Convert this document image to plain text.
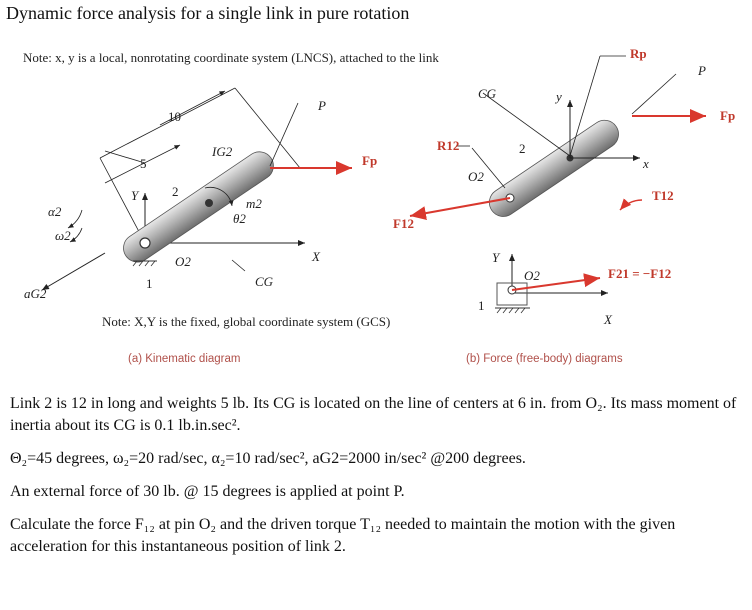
Dynamic force analysis for a single link in pure rotation
Note: x, y is a local, nonrotating coordinate system (LNCS), attached to the link
10
5
2
Y
X
P
Fp
IG2
m2
θ2
O2
CG
1
α2
ω2
aG2
Note: X,Y is the fixed, global coordinate system (GCS)
(a) Kinematic diagram
y
x
CG
R12
F12
O2
2
Rp
P
Fp
T12
Y
X
O2
1
F21 = −F12
(b) Force (free-body) diagrams

Link 2 is 12 in long and weights 5 lb. Its CG is located on the line of centers at 6 in. from O₂. Its mass moment of inertia about its CG is 0.1 lb.in.sec².

Θ₂=45 degrees, ω₂=20 rad/sec, α₂=10 rad/sec², aG2=2000 in/sec² @200 degrees.

An external force of 30 lb. @ 15 degrees is applied at point P.

Calculate the force F₁₂ at pin O₂ and the driven torque T₁₂ needed to maintain the motion with the given acceleration for this instantaneous position of link 2.
